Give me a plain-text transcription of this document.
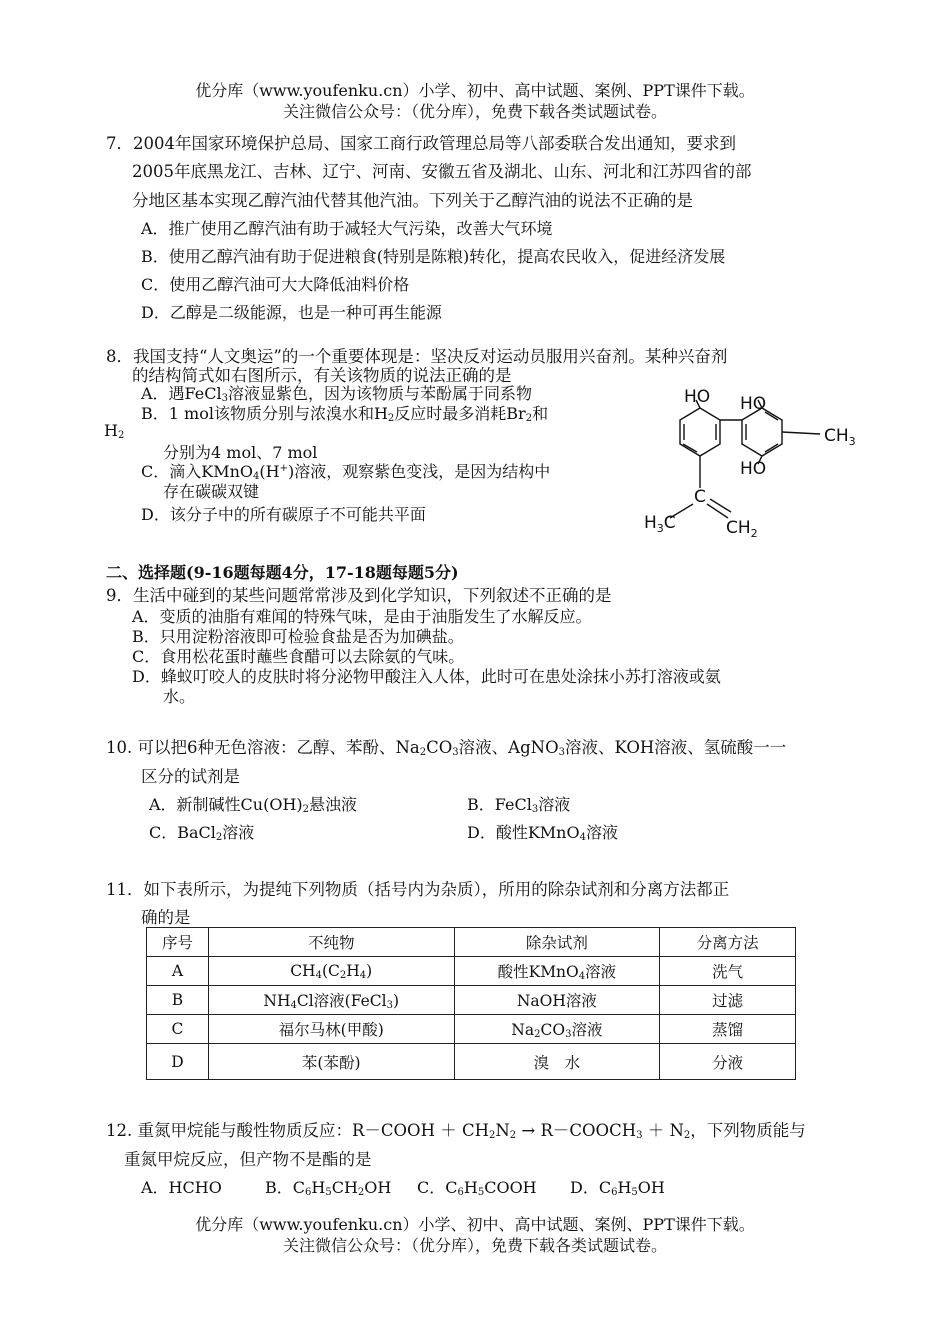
优分库（www.youfenku.cn）小学、初中、高中试题、案例、PPT课件下载。
关注微信公众号：（优分库），免费下载各类试题试卷。
7．2004年国家环境保护总局、国家工商行政管理总局等八部委联合发出通知，要求到
2005年底黑龙江、吉林、辽宁、河南、安徽五省及湖北、山东、河北和江苏四省的部
分地区基本实现乙醇汽油代替其他汽油。下列关于乙醇汽油的说法不正确的是
A．推广使用乙醇汽油有助于减轻大气污染，改善大气环境
B．使用乙醇汽油有助于促进粮食(特别是陈粮)转化，提高农民收入，促进经济发展
C．使用乙醇汽油可大大降低油料价格
D．乙醇是二级能源，也是一种可再生能源
8．我国支持“人文奥运”的一个重要体现是：坚决反对运动员服用兴奋剂。某种兴奋剂
的结构简式如右图所示，有关该物质的说法正确的是
A．遇FeCl$_3$溶液显紫色，因为该物质与苯酚属于同系物
B．1 mol该物质分别与浓溴水和$H_2$反应时最多消耗$Br_2$和
$H_2$
分别为4 mol、7 mol
C．滴入KMnO$_4$(H+)溶液，观察紫色变浅，是因为结构中
存在碳碳双键
D．该分子中的所有碳原子不可能共平面
HO HO
HO
$CH_3$
C
$H_3C$	$CH_2$
二、选择题(9-16题每题4分，17-18题每题5分)
9．生活中碰到的某些问题常常涉及到化学知识，下列叙述不正确的是
A．变质的油脂有难闻的特殊气味，是由于油脂发生了水解反应。
B．只用淀粉溶液即可检验食盐是否为加碘盐。
C．食用松花蛋时蘸些食醋可以去除氨的气味。
D．蜂蚁叮咬人的皮肤时将分泌物甲酸注入人体，此时可在患处涂抹小苏打溶液或氨
水。
10. 可以把6种无色溶液：乙醇、苯酚、$Na_2CO_3$溶液、AgNO$_3$溶液、KOH溶液、氢硫酸一一
区分的试剂是
A．新制碱性$Cu(OH)_2$悬浊液	B．FeCl$_3$溶液
C．BaCl$_2$溶液	D．酸性KMnO$_4$溶液
11．如下表所示，为提纯下列物质（括号内为杂质），所用的除杂试剂和分离方法都正
确的是
序号	不纯物	除杂试剂	分离方法
A	$CH_4(C_2H_4)$	酸性KMnO$_4$溶液	洗气
B	$NH_4Cl$溶液(FeCl$_3$)	NaOH溶液	过滤
C	福尔马林(甲酸)	$Na_2CO_3$溶液	蒸馏
D	苯(苯酚)	溴　水	分液
12. 重氮甲烷能与酸性物质反应：R－COOH ＋ $CH_2N_2$ → $R-COOCH_3 + N_2$，下列物质能与
重氮甲烷反应，但产物不是酯的是
A．HCHO	B．$C_6H_5CH_2OH$ C．$C_6H_5COOH$ D．$C_6H_5OH$
优分库（www.youfenku.cn）小学、初中、高中试题、案例、PPT课件下载。
关注微信公众号：（优分库），免费下载各类试题试卷。
